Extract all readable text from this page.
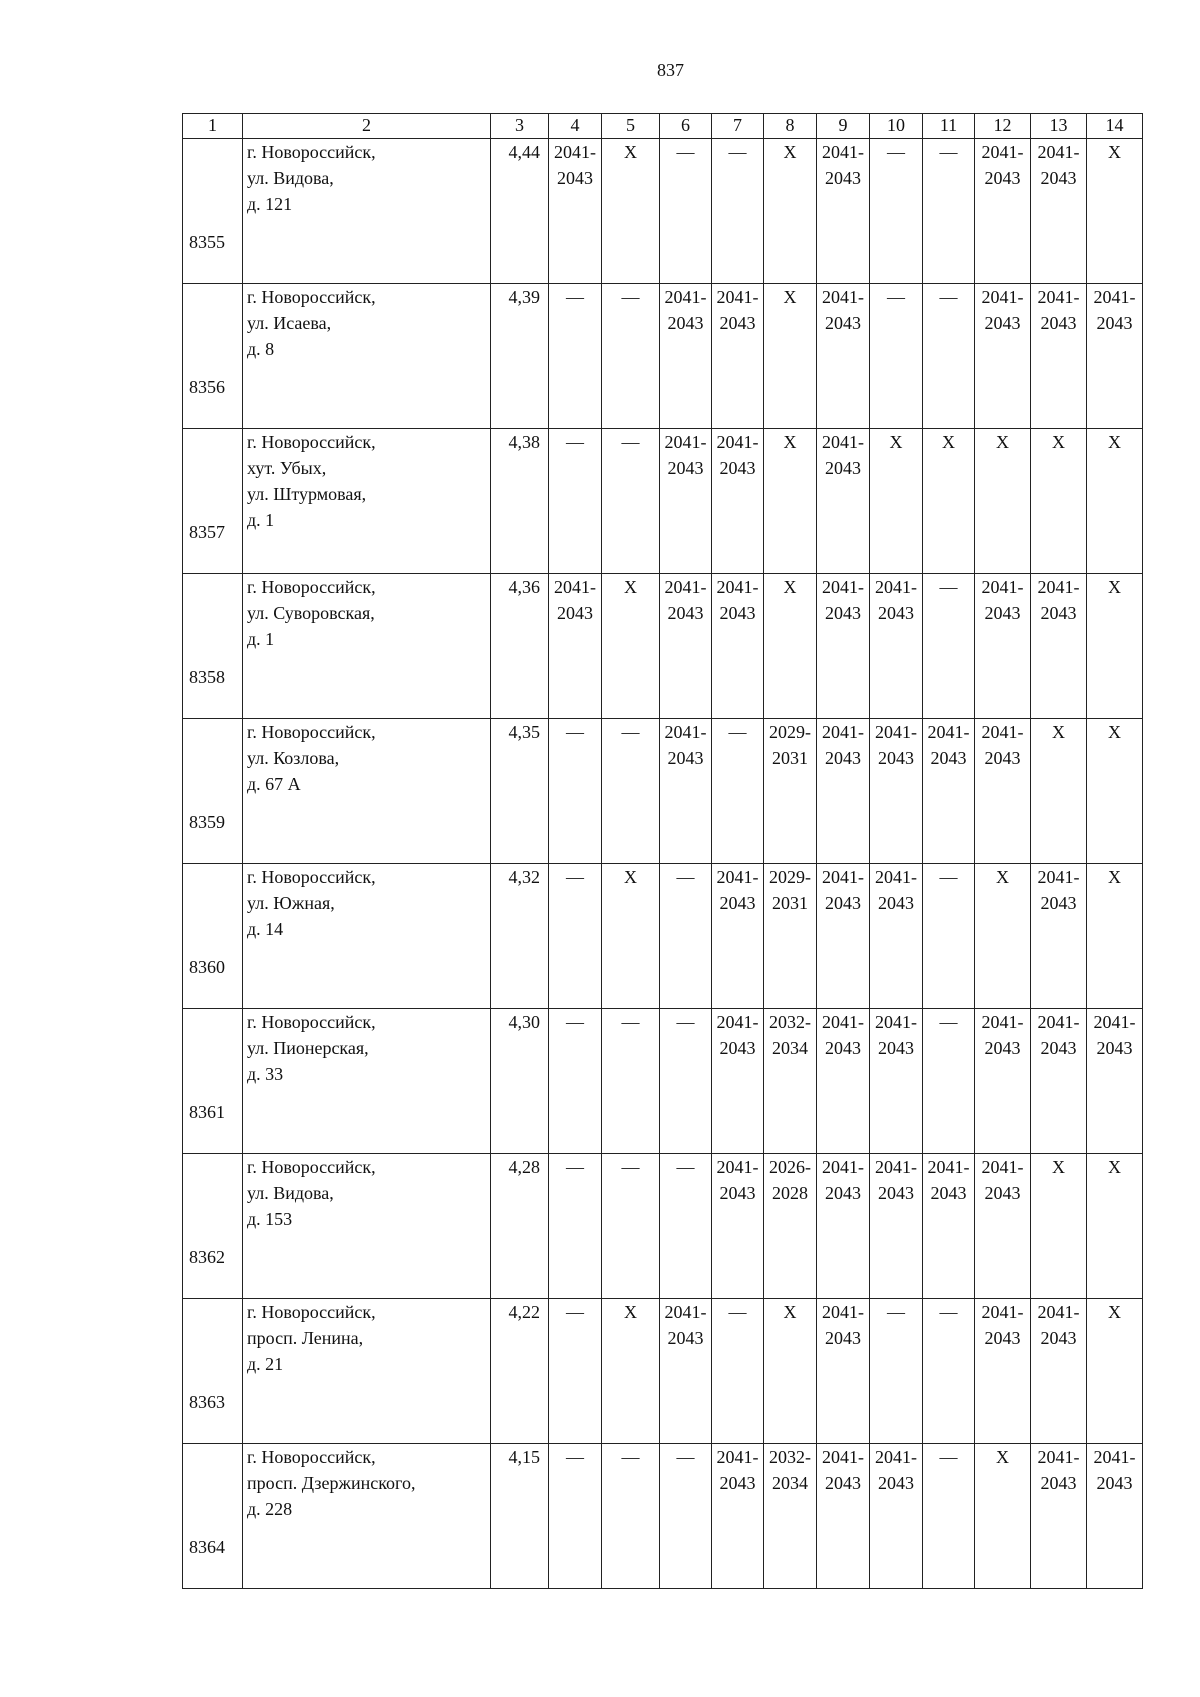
837
1	2	3	4	5	6	7	8	9	10	11	12	13	14
8355	г. Новороссийск,
ул. Видова,
д. 121	4,44	2041-
2043	X	—	—	X	2041-
2043	—	—	2041-
2043	2041-
2043	X

8356	г. Новороссийск,
ул. Исаева,
д. 8	4,39	—	—	2041-
2043	2041-
2043	X	2041-
2043	—	—	2041-
2043	2041-
2043	2041-
2043

8357	г. Новороссийск,
хут. Убых,
ул. Штурмовая,
д. 1	4,38	—	—	2041-
2043	2041-
2043	X	2041-
2043	X	X	X	X	X

8358	г. Новороссийск,
ул. Суворовская,
д. 1	4,36	2041-
2043	X	2041-
2043	2041-
2043	X	2041-
2043	2041-
2043	—	2041-
2043	2041-
2043	X

8359	г. Новороссийск,
ул. Козлова,
д. 67 А	4,35	—	—	2041-
2043	—	2029-
2031	2041-
2043	2041-
2043	2041-
2043	2041-
2043	X	X

8360	г. Новороссийск,
ул. Южная,
д. 14	4,32	—	X	—	2041-
2043	2029-
2031	2041-
2043	2041-
2043	—	X	2041-
2043	X

8361	г. Новороссийск,
ул. Пионерская,
д. 33	4,30	—	—	—	2041-
2043	2032-
2034	2041-
2043	2041-
2043	—	2041-
2043	2041-
2043	2041-
2043

8362	г. Новороссийск,
ул. Видова,
д. 153	4,28	—	—	—	2041-
2043	2026-
2028	2041-
2043	2041-
2043	2041-
2043	2041-
2043	X	X

8363	г. Новороссийск,
просп. Ленина,
д. 21	4,22	—	X	2041-
2043	—	X	2041-
2043	—	—	2041-
2043	2041-
2043	X

8364	г. Новороссийск,
просп. Дзержинского,
д. 228	4,15	—	—	—	2041-
2043	2032-
2034	2041-
2043	2041-
2043	—	X	2041-
2043	2041-
2043
